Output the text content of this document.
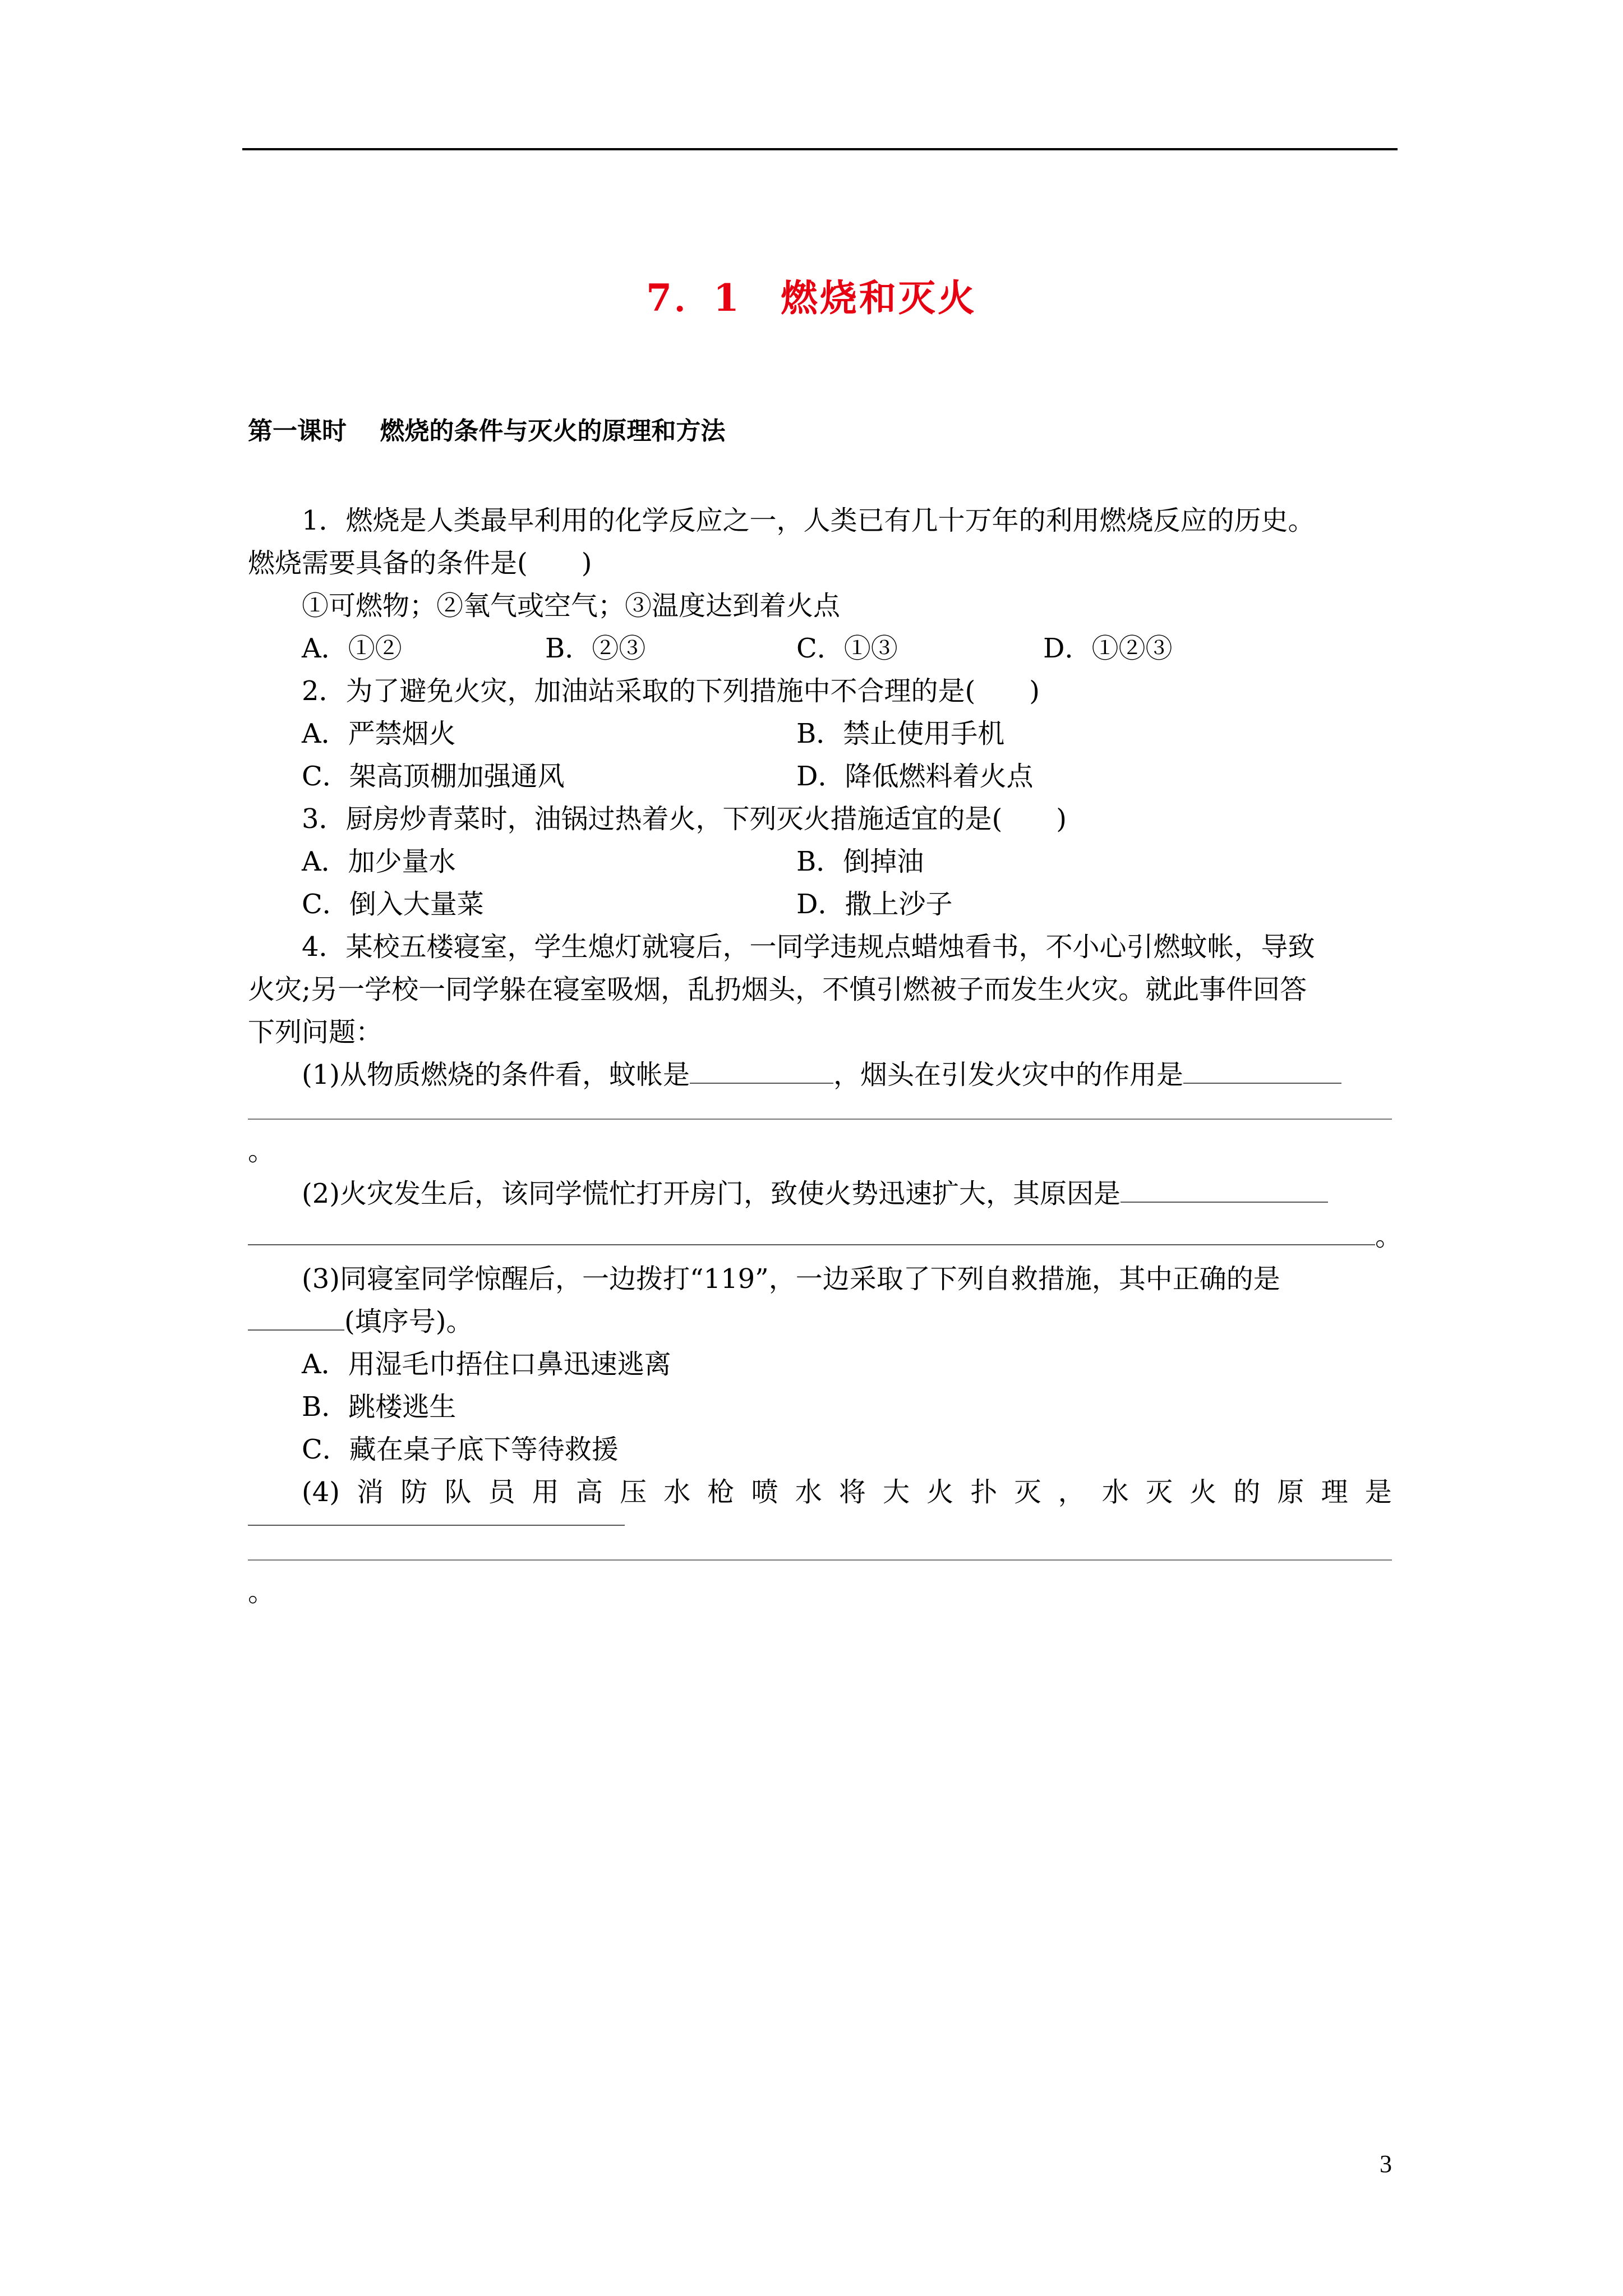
7．1　燃烧和灭火
第一课时　 燃烧的条件与灭火的原理和方法
1．燃烧是人类最早利用的化学反应之一，人类已有几十万年的利用燃烧反应的历史。
燃烧需要具备的条件是(　　)
①可燃物；②氧气或空气；③温度达到着火点
A．①②	B．②③	C．①③	D．①②③
2．为了避免火灾，加油站采取的下列措施中不合理的是(　　)
A．严禁烟火	B．禁止使用手机
C．架高顶棚加强通风	D．降低燃料着火点
3．厨房炒青菜时，油锅过热着火，下列灭火措施适宜的是(　　)
A．加少量水	B．倒掉油
C．倒入大量菜	D．撒上沙子
4．某校五楼寝室，学生熄灯就寝后，一同学违规点蜡烛看书，不小心引燃蚊帐，导致
火灾;另一学校一同学躲在寝室吸烟，乱扔烟头，不慎引燃被子而发生火灾。就此事件回答
下列问题：
(1)从物质燃烧的条件看，蚊帐是	，烟头在引发火灾中的作用是
。
(2)火灾发生后，该同学慌忙打开房门，致使火势迅速扩大，其原因是
。
(3)同寝室同学惊醒后，一边拨打“119”，一边采取了下列自救措施，其中正确的是
(填序号)。
A．用湿毛巾捂住口鼻迅速逃离
B．跳楼逃生
C．藏在桌子底下等待救援
(4) 消 防 队 员 用 高 压 水 枪 喷 水 将 大 火 扑 灭 ， 水 灭 火 的 原 理 是
。
3
